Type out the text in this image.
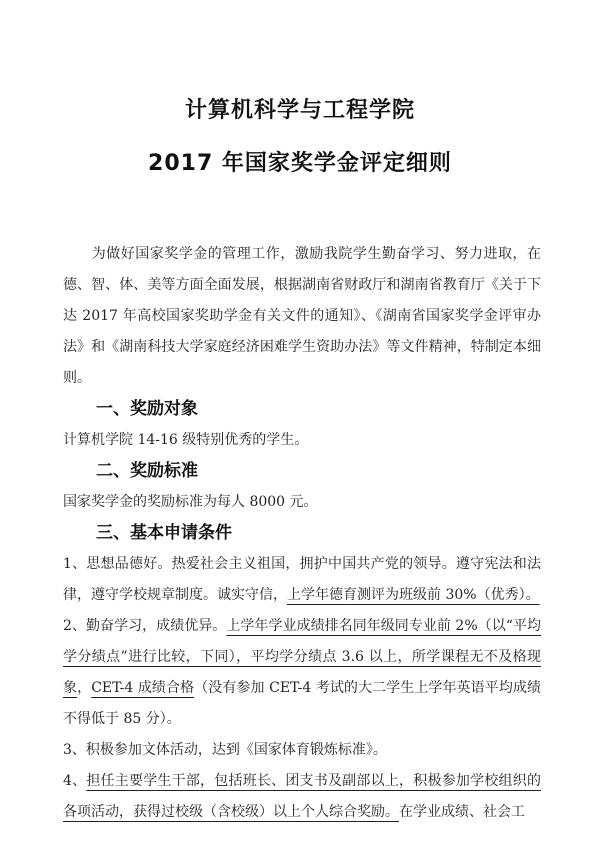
计算机科学与工程学院
2017 年国家奖学金评定细则

为做好国家奖学金的管理工作，激励我院学生勤奋学习、努力进取，在德、智、体、美等方面全面发展，根据湖南省财政厅和湖南省教育厅《关于下达 2017 年高校国家奖助学金有关文件的通知》、《湖南省国家奖学金评审办法》和《湖南科技大学家庭经济困难学生资助办法》等文件精神，特制定本细则。

一、奖励对象

计算机学院 14-16 级特别优秀的学生。

二、奖励标准

国家奖学金的奖励标准为每人 8000 元。

三、基本申请条件

1、思想品德好。热爱社会主义祖国，拥护中国共产党的领导。遵守宪法和法律，遵守学校规章制度。诚实守信，上学年德育测评为班级前 30%（优秀）。

2、勤奋学习，成绩优异。上学年学业成绩排名同年级同专业前 2%（以“平均学分绩点”进行比较，下同），平均学分绩点 3.6 以上，所学课程无不及格现象，CET-4 成绩合格（没有参加 CET-4 考试的大二学生上学年英语平均成绩不得低于 85 分）。

3、积极参加文体活动，达到《国家体育锻炼标准》。

4、担任主要学生干部，包括班长、团支书及副部以上，积极参加学校组织的各项活动，获得过校级（含校级）以上个人综合奖励。在学业成绩、社会工
